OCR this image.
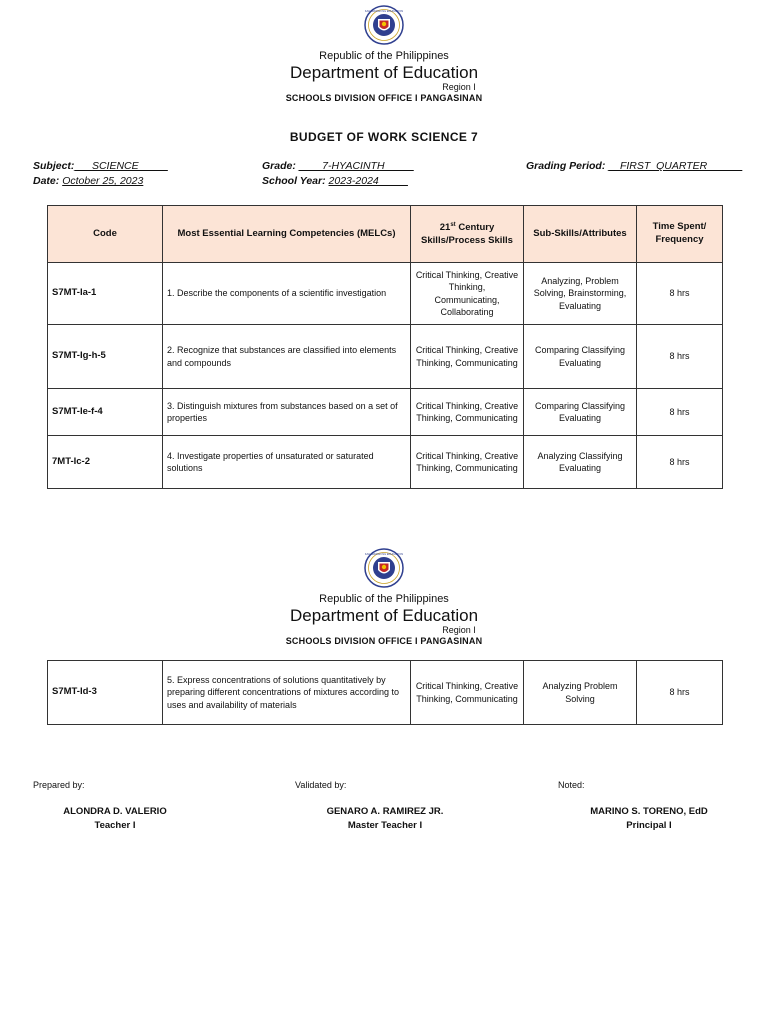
KAGAWARAN NG EDUKASYON
Republic of the Philippines
Department of Education
Region I
SCHOOLS DIVISION OFFICE I PANGASINAN
BUDGET OF WORK SCIENCE 7
Subject:___SCIENCE_____
Date: October 25, 2023
Grade: ____7-HYACINTH_____
School Year: 2023-2024_____
Grading Period: __FIRST_QUARTER______
Code	Most Essential Learning Competencies (MELCs)	21st Century Skills/Process Skills	Sub-Skills/Attributes	Time Spent/ Frequency
S7MT-Ia-1	1. Describe the components of a scientific investigation	Critical Thinking, Creative Thinking, Communicating, Collaborating	Analyzing, Problem Solving, Brainstorming, Evaluating	8 hrs
S7MT-Ig-h-5	2. Recognize that substances are classified into elements and compounds	Critical Thinking, Creative Thinking, Communicating	Comparing Classifying Evaluating	8 hrs
S7MT-Ie-f-4	3. Distinguish mixtures from substances based on a set of properties	Critical Thinking, Creative Thinking, Communicating	Comparing Classifying Evaluating	8 hrs
7MT-Ic-2	4. Investigate properties of unsaturated or saturated solutions	Critical Thinking, Creative Thinking, Communicating	Analyzing Classifying Evaluating	8 hrs
KAGAWARAN NG EDUKASYON
Republic of the Philippines
Department of Education
Region I
SCHOOLS DIVISION OFFICE I PANGASINAN
S7MT-Id-3	5. Express concentrations of solutions quantitatively by preparing different concentrations of mixtures according to uses and availability of materials	Critical Thinking, Creative Thinking, Communicating	Analyzing Problem Solving	8 hrs
Prepared by:	Validated by:	Noted:
ALONDRA D. VALERIO
Teacher I
GENARO A. RAMIREZ JR.
Master Teacher I
MARINO S. TORENO, EdD
Principal I
